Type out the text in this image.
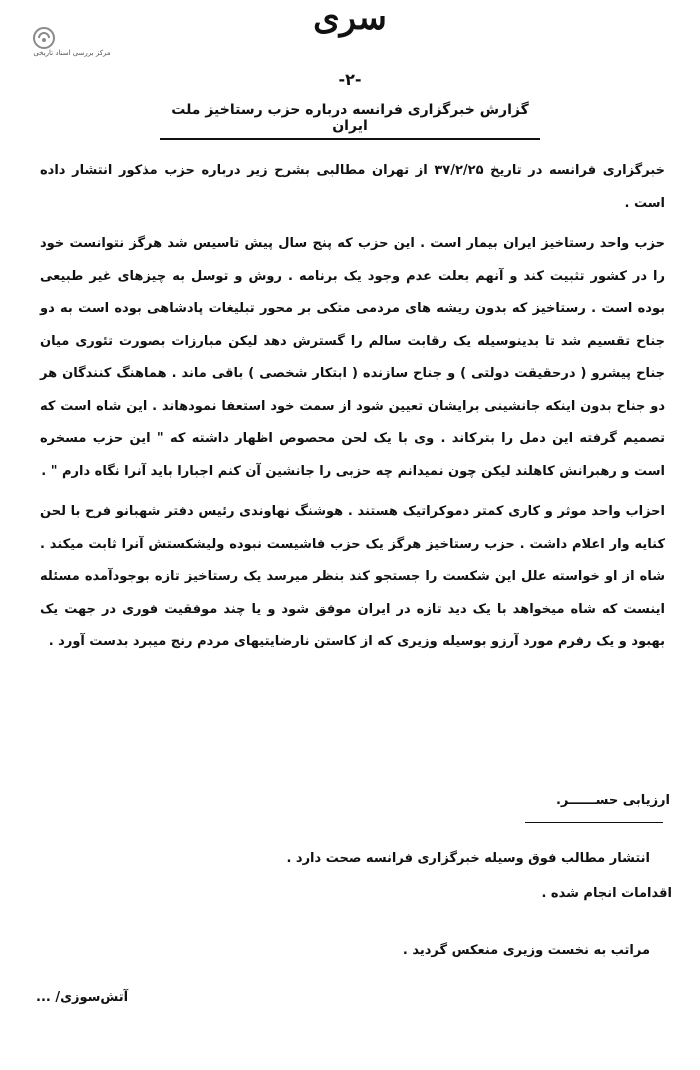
سری
مرکز بررسی اسناد تاریخی
-۲-
گزارش خبرگزاری فرانسه درباره حزب رستاخیز ملت ایران

خبرگزاری فرانسه در تاریخ ۳۷/۲/۲۵ از تهران مطالبی بشرح زیر درباره حزب مذکور انتشار داده است .

حزب واحد رستاخیز ایران بیمار است . این حزب که پنج سال پیش تاسیس شد هرگز نتوانست خود را در کشور تثبیت کند و آنهم بعلت عدم وجود یک برنامه . روش و توسل به چیزهای غیر طبیعی بوده است . رستاخیز که بدون ریشه های مردمی متکی بر محور تبلیغات پادشاهی بوده است به دو جناح تقسیم شد تا بدینوسیله یک رقابت سالم را گسترش دهد لیکن مبارزات بصورت تئوری میان جناح پیشرو ( درحقیقت دولتی ) و جناح سازنده ( ابتکار شخصی ) باقی ماند . هماهنگ کنندگان هر دو جناح بدون اینکه جانشینی برایشان تعیین شود از سمت خود استعفا نمودهاند . این شاه است که تصمیم گرفته این دمل را بترکاند . وی با یک لحن محصوص اظهار داشته که " این حزب مسخره است و رهبرانش کاهلند لیکن چون نمیدانم چه حزبی را جانشین آن کنم اجبارا باید آنرا نگاه دارم " .

احزاب واحد موثر و کاری کمتر دموکراتیک هستند . هوشنگ نهاوندی رئیس دفتر شهبانو فرح با لحن کنایه وار اعلام داشت . حزب رستاخیز هرگز یک حزب فاشیست نبوده ولیشکستش آنرا ثابت میکند . شاه از او خواسته علل این شکست را جستجو کند بنظر میرسد یک رستاخیز تازه بوجودآمده مسئله اینست که شاه میخواهد با یک دید تازه در ایران موفق شود و یا چند موفقیت فوری در جهت یک بهبود و یک رفرم مورد آرزو بوسیله وزیری که از کاستن نارضایتیهای مردم رنج میبرد بدست آورد .

ارزیابی حســــــر.
انتشار مطالب فوق وسیله خبرگزاری فرانسه صحت دارد .
اقدامات انجام شده .
مراتب به نخست وزیری منعکس گردید .
آتش‌سوزی/ ...
